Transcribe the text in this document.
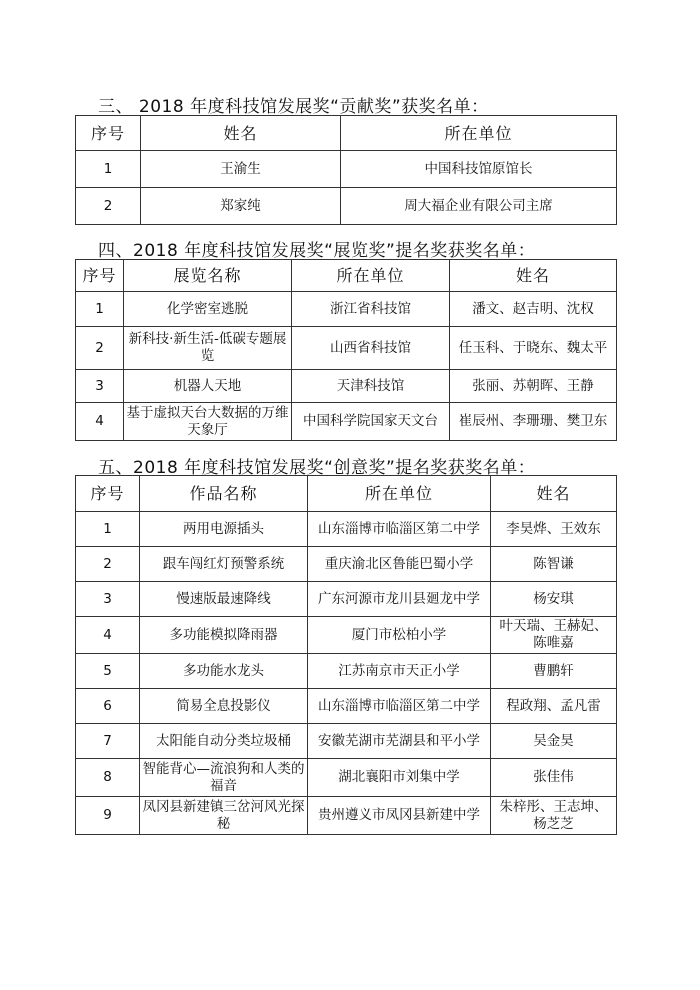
三、 2018 年度科技馆发展奖“贡献奖”获奖名单：
序号	姓名	所在单位
1	王渝生	中国科技馆原馆长
2	郑家纯	周大福企业有限公司主席
四、2018 年度科技馆发展奖“展览奖”提名奖获奖名单：
序号	展览名称	所在单位	姓名
1	化学密室逃脱	浙江省科技馆	潘文、赵吉明、沈权
2	新科技·新生活-低碳专题展览	山西省科技馆	任玉科、于晓东、魏太平
3	机器人天地	天津科技馆	张丽、苏朝晖、王静
4	基于虚拟天台大数据的万维天象厅	中国科学院国家天文台	崔辰州、李珊珊、樊卫东
五、2018 年度科技馆发展奖“创意奖”提名奖获奖名单：
序号	作品名称	所在单位	姓名
1	两用电源插头	山东淄博市临淄区第二中学	李昊烨、王效东
2	跟车闯红灯预警系统	重庆渝北区鲁能巴蜀小学	陈智谦
3	慢速版最速降线	广东河源市龙川县廻龙中学	杨安琪
4	多功能模拟降雨器	厦门市松柏小学	叶天瑞、王赫妃、陈唯嘉
5	多功能水龙头	江苏南京市天正小学	曹鹏轩
6	简易全息投影仪	山东淄博市临淄区第二中学	程政翔、孟凡雷
7	太阳能自动分类垃圾桶	安徽芜湖市芜湖县和平小学	吴金昊
8	智能背心—流浪狗和人类的福音	湖北襄阳市刘集中学	张佳伟
9	凤冈县新建镇三岔河风光探秘	贵州遵义市凤冈县新建中学	朱梓彤、王志坤、杨芝芝
